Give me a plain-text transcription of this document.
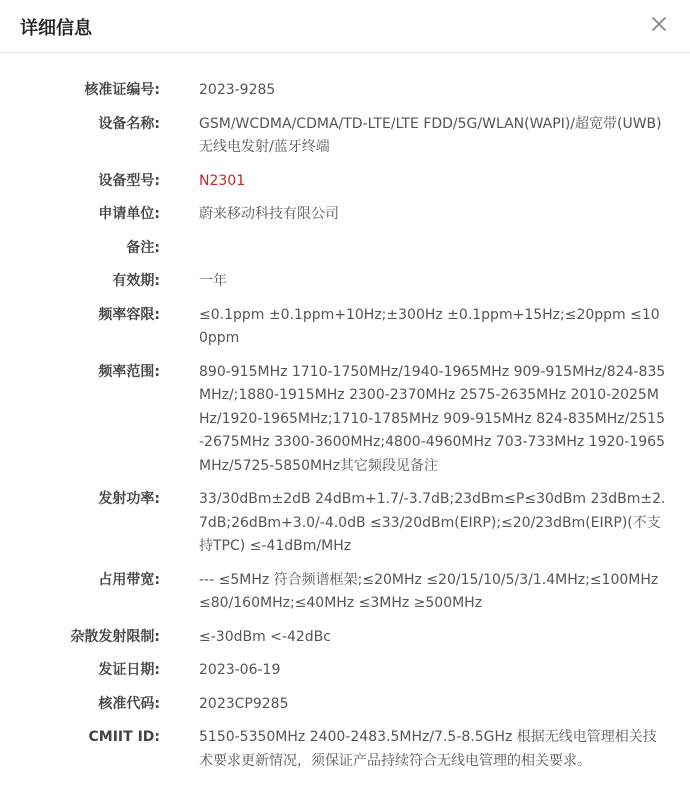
详细信息
核准证编号:	2023-9285
设备名称:	GSM/WCDMA/CDMA/TD-LTE/LTE FDD/5G/WLAN(WAPI)/超宽带(UWB)无线电发射/蓝牙终端
设备型号:	N2301
申请单位:	蔚来移动科技有限公司
备注:
有效期:	一年
频率容限:	≤0.1ppm ±0.1ppm+10Hz;±300Hz ±0.1ppm+15Hz;≤20ppm ≤100ppm
频率范围:	890-915MHz 1710-1750MHz/1940-1965MHz 909-915MHz/824-835MHz/;1880-1915MHz 2300-2370MHz 2575-2635MHz 2010-2025MHz/1920-1965MHz;1710-1785MHz 909-915MHz 824-835MHz/2515-2675MHz 3300-3600MHz;4800-4960MHz 703-733MHz 1920-1965MHz/5725-5850MHz其它频段见备注
发射功率:	33/30dBm±2dB 24dBm+1.7/-3.7dB;23dBm≤P≤30dBm 23dBm±2.7dB;26dBm+3.0/-4.0dB ≤33/20dBm(EIRP);≤20/23dBm(EIRP)(不支持TPC) ≤-41dBm/MHz
占用带宽:	--- ≤5MHz 符合频谱框架;≤20MHz ≤20/15/10/5/3/1.4MHz;≤100MHz ≤80/160MHz;≤40MHz ≤3MHz ≥500MHz
杂散发射限制:	≤-30dBm <-42dBc
发证日期:	2023-06-19
核准代码:	2023CP9285
CMIIT ID:	5150-5350MHz 2400-2483.5MHz/7.5-8.5GHz 根据无线电管理相关技术要求更新情况，须保证产品持续符合无线电管理的相关要求。
